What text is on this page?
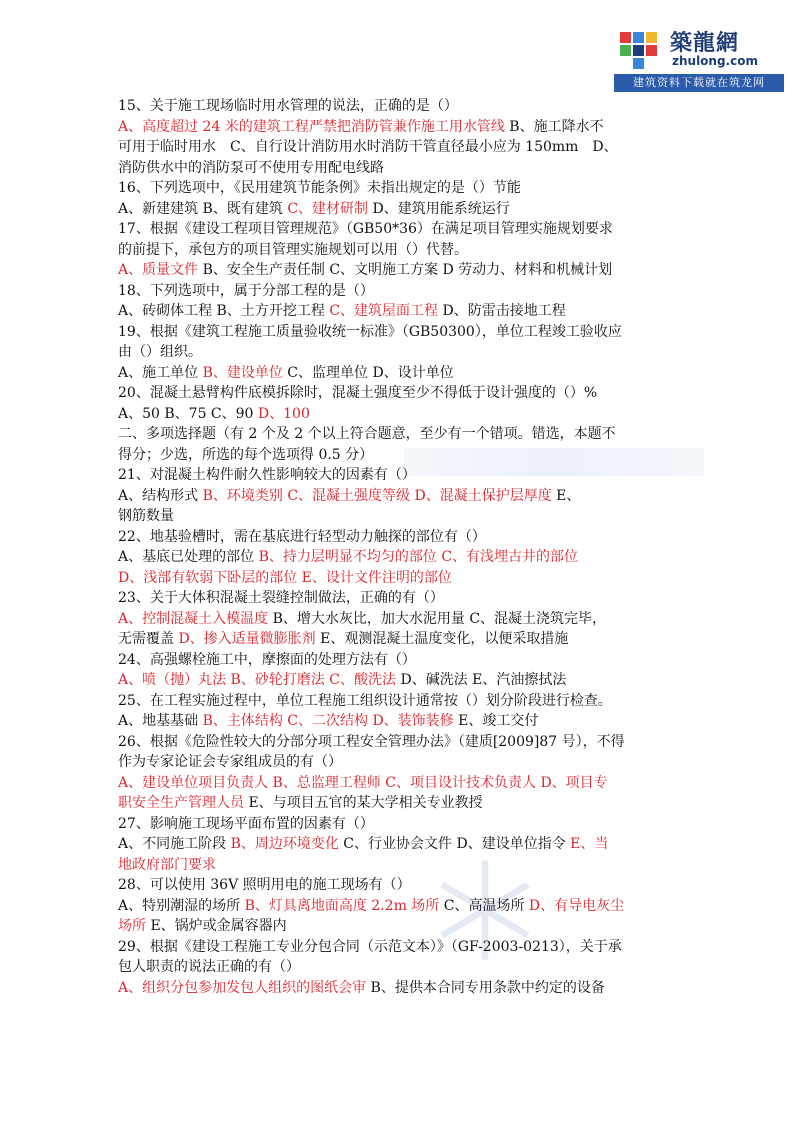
築龍網
zhulong.com
建筑资料下载就在筑龙网
15、关于施工现场临时用水管理的说法，正确的是（）
A、高度超过 24 米的建筑工程严禁把消防管兼作施工用水管线 B、施工降水不
可用于临时用水　C、自行设计消防用水时消防干管直径最小应为 150mm　D、
消防供水中的消防泵可不使用专用配电线路
16、下列选项中，《民用建筑节能条例》未指出规定的是（）节能
A、新建建筑 B、既有建筑 C、建材研制 D、建筑用能系统运行
17、根据《建设工程项目管理规范》（GB50*36）在满足项目管理实施规划要求
的前提下，承包方的项目管理实施规划可以用（）代替。
A、质量文件 B、安全生产责任制 C、文明施工方案 D 劳动力、材料和机械计划
18、下列选项中，属于分部工程的是（）
A、砖砌体工程 B、土方开挖工程 C、建筑屋面工程 D、防雷击接地工程
19、根据《建筑工程施工质量验收统一标准》（GB50300），单位工程竣工验收应
由（）组织。
A、施工单位 B、建设单位 C、监理单位 D、设计单位
20、混凝土悬臂构件底模拆除时，混凝土强度至少不得低于设计强度的（）%
A、50 B、75 C、90 D、100
二、多项选择题（有 2 个及 2 个以上符合题意，至少有一个错项。错选，本题不
得分；少选，所选的每个选项得 0.5 分）
21、对混凝土构件耐久性影响较大的因素有（）
A、结构形式 B、环境类别 C、混凝土强度等级 D、混凝土保护层厚度 E、
钢筋数量
22、地基验槽时，需在基底进行轻型动力触探的部位有（）
A、基底已处理的部位 B、持力层明显不均匀的部位 C、有浅埋古井的部位
D、浅部有软弱下卧层的部位 E、设计文件注明的部位
23、关于大体积混凝土裂缝控制做法，正确的有（）
A、控制混凝土入模温度 B、增大水灰比，加大水泥用量 C、混凝土浇筑完毕，
无需覆盖 D、掺入适量微膨胀剂 E、观测混凝土温度变化，以便采取措施
24、高强螺栓施工中，摩擦面的处理方法有（）
A、喷（抛）丸法 B、砂轮打磨法 C、酸洗法 D、碱洗法 E、汽油擦拭法
25、在工程实施过程中，单位工程施工组织设计通常按（）划分阶段进行检查。
A、地基基础 B、主体结构 C、二次结构 D、装饰装修 E、竣工交付
26、根据《危险性较大的分部分项工程安全管理办法》（建质[2009]87 号），不得
作为专家论证会专家组成员的有（）
A、建设单位项目负责人 B、总监理工程师 C、项目设计技术负责人 D、项目专
职安全生产管理人员 E、与项目五官的某大学相关专业教授
27、影响施工现场平面布置的因素有（）
A、不同施工阶段 B、周边环境变化 C、行业协会文件 D、建设单位指令 E、当
地政府部门要求
28、可以使用 36V 照明用电的施工现场有（）
A、特别潮湿的场所 B、灯具离地面高度 2.2m 场所 C、高温场所 D、有导电灰尘
场所 E、锅炉或金属容器内
29、根据《建设工程施工专业分包合同（示范文本）》（GF-2003-0213），关于承
包人职责的说法正确的有（）
A、组织分包参加发包人组织的图纸会审 B、提供本合同专用条款中约定的设备
